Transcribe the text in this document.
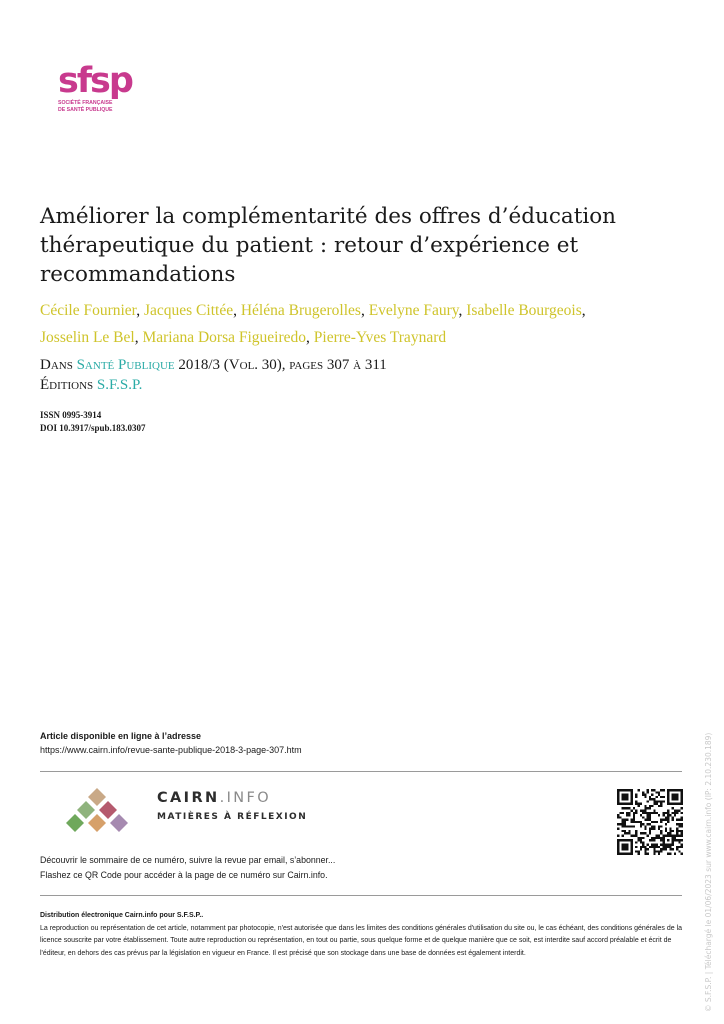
sfsp
SOCIÉTÉ FRANÇAISE
DE SANTÉ PUBLIQUE
Améliorer la complémentarité des offres d’éducation thérapeutique du patient : retour d’expérience et recommandations
Cécile Fournier, Jacques Cittée, Héléna Brugerolles, Evelyne Faury, Isabelle Bourgeois,
Josselin Le Bel, Mariana Dorsa Figueiredo, Pierre-Yves Traynard
Dans Santé Publique 2018/3 (Vol. 30), pages 307 à 311
Éditions S.F.S.P.
ISSN 0995-3914
DOI 10.3917/spub.183.0307
Article disponible en ligne à l’adresse
https://www.cairn.info/revue-sante-publique-2018-3-page-307.htm
CAIRN.INFO
MATIÈRES À RÉFLEXION
Découvrir le sommaire de ce numéro, suivre la revue par email, s’abonner...
Flashez ce QR Code pour accéder à la page de ce numéro sur Cairn.info.
Distribution électronique Cairn.info pour S.F.S.P..
La reproduction ou représentation de cet article, notamment par photocopie, n'est autorisée que dans les limites des conditions générales d'utilisation du site ou, le cas échéant, des conditions générales de la licence souscrite par votre établissement. Toute autre reproduction ou représentation, en tout ou partie, sous quelque forme et de quelque manière que ce soit, est interdite sauf accord préalable et écrit de l'éditeur, en dehors des cas prévus par la législation en vigueur en France. Il est précisé que son stockage dans une base de données est également interdit.	© S.F.S.P. | Téléchargé le 01/06/2023 sur www.cairn.info (IP: 2.10.230.189)
